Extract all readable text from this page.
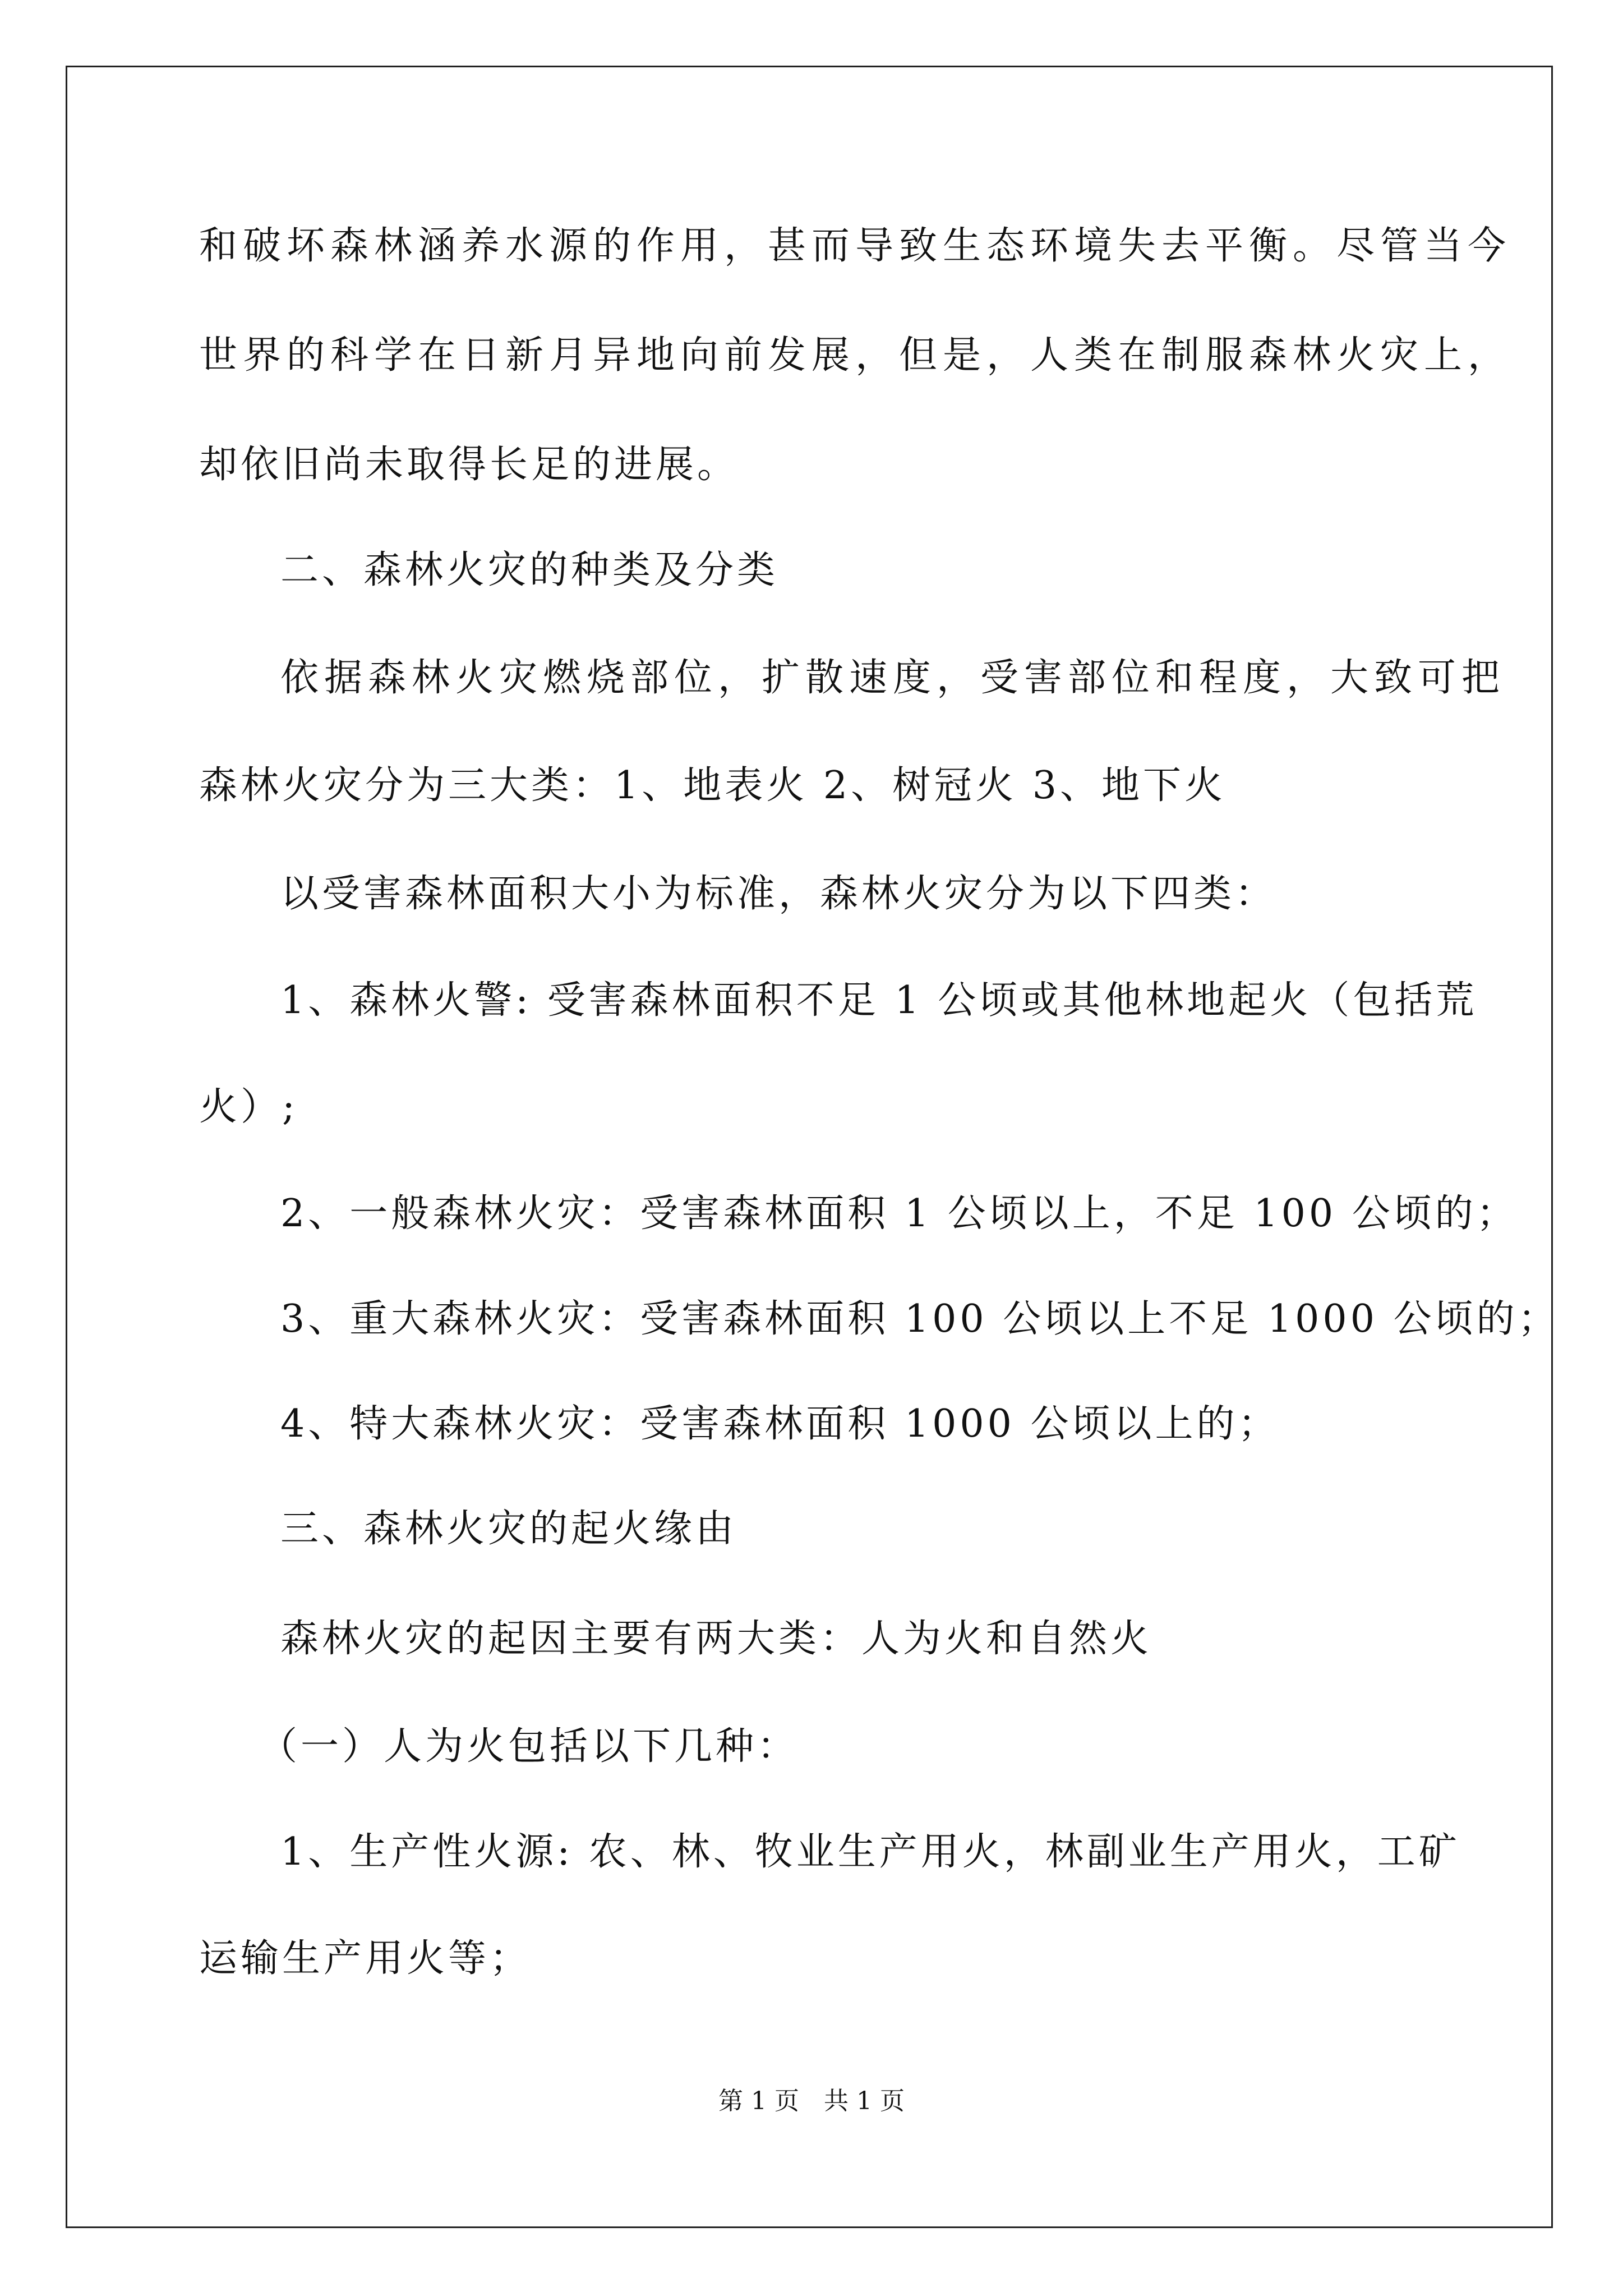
和破坏森林涵养水源的作用，甚而导致生态环境失去平衡。尽管当今
世界的科学在日新月异地向前发展，但是，人类在制服森林火灾上，
却依旧尚未取得长足的进展。
二、森林火灾的种类及分类
依据森林火灾燃烧部位，扩散速度，受害部位和程度，大致可把
森林火灾分为三大类：1、地表火 2、树冠火 3、地下火
以受害森林面积大小为标准，森林火灾分为以下四类：
1、森林火警: 受害森林面积不足 1 公顷或其他林地起火（包括荒
火）;
2、一般森林火灾：受害森林面积 1 公顷以上，不足 100 公顷的；
3、重大森林火灾：受害森林面积 100 公顷以上不足 1000 公顷的；
4、特大森林火灾：受害森林面积 1000 公顷以上的；
三、森林火灾的起火缘由
森林火灾的起因主要有两大类：人为火和自然火
（一）人为火包括以下几种：
1、生产性火源: 农、林、牧业生产用火，林副业生产用火，工矿
运输生产用火等；
第 1 页　共 1 页
